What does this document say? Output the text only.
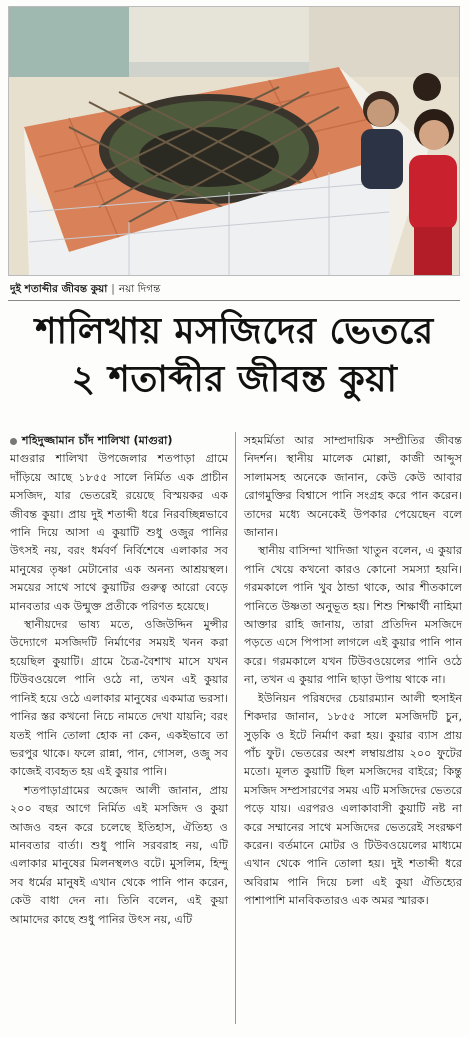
দুই শতাব্দীর জীবন্ত কুয়া | নয়া দিগন্ত
শালিখায় মসজিদের ভেতরে
২ শতাব্দীর জীবন্ত কুয়া
শহিদুজ্জামান চাঁদ শালিখা (মাগুরা)

মাগুরার শালিখা উপজেলার শতপাড়া গ্রামে দাঁড়িয়ে আছে ১৮৫৫ সালে নির্মিত এক প্রাচীন মসজিদ, যার ভেতরেই রয়েছে বিস্ময়কর এক জীবন্ত কুয়া। প্রায় দুই শতাব্দী ধরে নিরবচ্ছিন্নভাবে পানি দিয়ে আসা এ কুয়াটি শুধু ওজুর পানির উৎসই নয়, বরং ধর্মবর্ণ নির্বিশেষে এলাকার সব মানুষের তৃষ্ণা মেটানোর এক অনন্য আশ্রয়স্থল। সময়ের সাথে সাথে কুয়াটির গুরুত্ব আরো বেড়ে মানবতার এক উন্মুক্ত প্রতীকে পরিণত হয়েছে।

স্থানীয়দের ভাষ্য মতে, ওজিউদ্দিন মুন্সীর উদ্যোগে মসজিদটি নির্মাণের সময়ই খনন করা হয়েছিল কুয়াটি। গ্রামে চৈত্র-বৈশাখ মাসে যখন টিউবওয়েলে পানি ওঠে না, তখন এই কুয়ার পানিই হয়ে ওঠে এলাকার মানুষের একমাত্র ভরসা। পানির স্তর কখনো নিচে নামতে দেখা যায়নি; বরং যতই পানি তোলা হোক না কেন, একইভাবে তা ভরপুর থাকে। ফলে রান্না, পান, গোসল, ওজু সব কাজেই ব্যবহৃত হয় এই কুয়ার পানি।

শতপাড়াগ্রামের অজেদ আলী জানান, প্রায় ২০০ বছর আগে নির্মিত এই মসজিদ ও কুয়া আজও বহন করে চলেছে ইতিহাস, ঐতিহ্য ও মানবতার বার্তা। শুধু পানি সরবরাহ নয়, এটি এলাকার মানুষের মিলনস্থলও বটে। মুসলিম, হিন্দু সব ধর্মের মানুষই এখান থেকে পানি পান করেন, কেউ বাধা দেন না। তিনি বলেন, এই কুয়া আমাদের কাছে শুধু পানির উৎস নয়, এটি

সহমর্মিতা আর সাম্প্রদায়িক সম্প্রীতির জীবন্ত নিদর্শন। স্থানীয় মালেক মোল্লা, কাজী আব্দুস সালামসহ অনেকে জানান, কেউ কেউ আবার রোগমুক্তির বিশ্বাসে পানি সংগ্রহ করে পান করেন। তাদের মধ্যে অনেকেই উপকার পেয়েছেন বলে জানান।

স্থানীয় বাসিন্দা খাদিজা খাতুন বলেন, এ কুয়ার পানি খেয়ে কখনো কারও কোনো সমস্যা হয়নি। গরমকালে পানি খুব ঠান্ডা থাকে, আর শীতকালে পানিতে উষ্ণতা অনুভূত হয়। শিশু শিক্ষার্থী নাহিমা আক্তার রাহি জানায়, তারা প্রতিদিন মসজিদে পড়তে এসে পিপাসা লাগলে এই কুয়ার পানি পান করে। গরমকালে যখন টিউবওয়েলের পানি ওঠে না, তখন এ কুয়ার পানি ছাড়া উপায় থাকে না।

ইউনিয়ন পরিষদের চেয়ারম্যান আলী হুসাইন শিকদার জানান, ১৮৫৫ সালে মসজিদটি চুন, সুড়কি ও ইটে নির্মাণ করা হয়। কুয়ার ব্যাস প্রায় পাঁচ ফুট। ভেতরের অংশ লম্বায়প্রায় ২০০ ফুটের মতো। মূলত কুয়াটি ছিল মসজিদের বাইরে; কিন্তু মসজিদ সম্প্রসারণের সময় এটি মসজিদের ভেতরে পড়ে যায়। এরপরও এলাকাবাসী কুয়াটি নষ্ট না করে সম্মানের সাথে মসজিদের ভেতরেই সংরক্ষণ করেন। বর্তমানে মোটর ও টিউবওয়েলের মাধ্যমে এখান থেকে পানি তোলা হয়। দুই শতাব্দী ধরে অবিরাম পানি দিয়ে চলা এই কুয়া ঐতিহ্যের পাশাপাশি মানবিকতারও এক অমর স্মারক।
